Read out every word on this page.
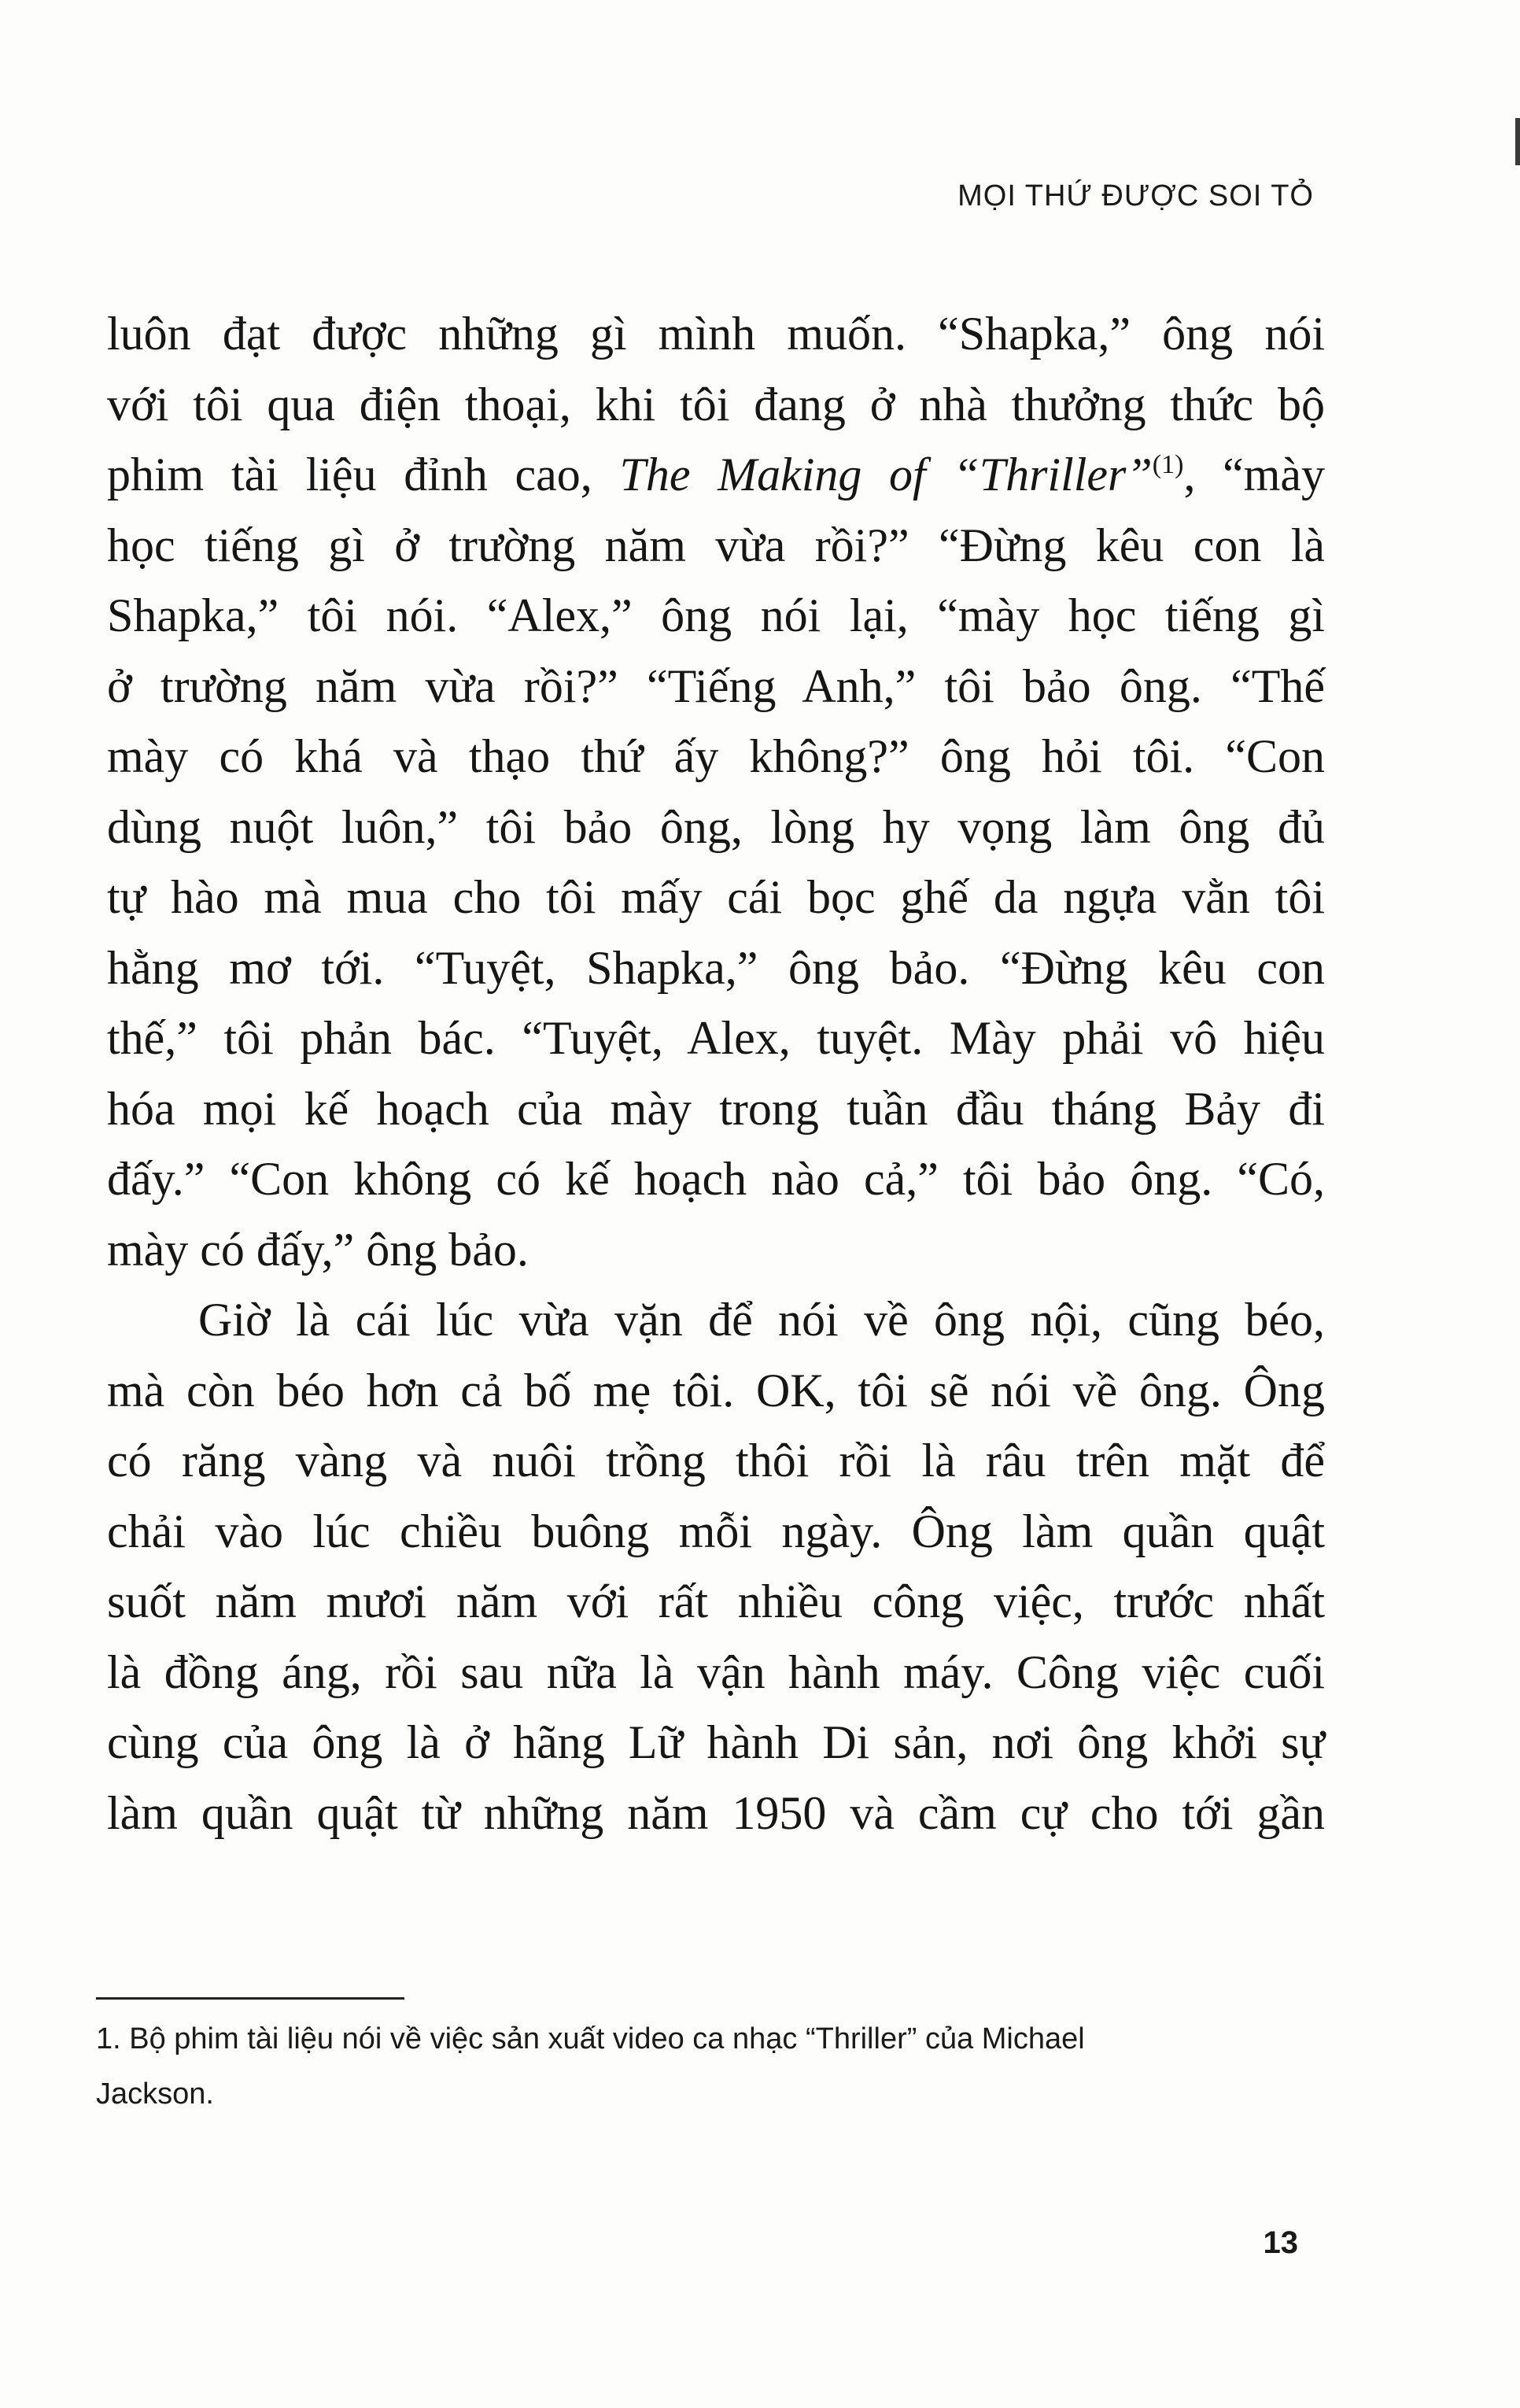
MỌI THỨ ĐƯỢC SOI TỎ
luôn đạt được những gì mình muốn. “Shapka,” ông nói
với tôi qua điện thoại, khi tôi đang ở nhà thưởng thức bộ
phim tài liệu đỉnh cao, The Making of “Thriller”$^{(1)}$, “mày
học tiếng gì ở trường năm vừa rồi?” “Đừng kêu con là
Shapka,” tôi nói. “Alex,” ông nói lại, “mày học tiếng gì
ở trường năm vừa rồi?” “Tiếng Anh,” tôi bảo ông. “Thế
mày có khá và thạo thứ ấy không?” ông hỏi tôi. “Con
dùng nuột luôn,” tôi bảo ông, lòng hy vọng làm ông đủ
tự hào mà mua cho tôi mấy cái bọc ghế da ngựa vằn tôi
hằng mơ tới. “Tuyệt, Shapka,” ông bảo. “Đừng kêu con
thế,” tôi phản bác. “Tuyệt, Alex, tuyệt. Mày phải vô hiệu
hóa mọi kế hoạch của mày trong tuần đầu tháng Bảy đi
đấy.” “Con không có kế hoạch nào cả,” tôi bảo ông. “Có,
mày có đấy,” ông bảo.
Giờ là cái lúc vừa vặn để nói về ông nội, cũng béo,
mà còn béo hơn cả bố mẹ tôi. OK, tôi sẽ nói về ông. Ông
có răng vàng và nuôi trồng thôi rồi là râu trên mặt để
chải vào lúc chiều buông mỗi ngày. Ông làm quần quật
suốt năm mươi năm với rất nhiều công việc, trước nhất
là đồng áng, rồi sau nữa là vận hành máy. Công việc cuối
cùng của ông là ở hãng Lữ hành Di sản, nơi ông khởi sự
làm quần quật từ những năm 1950 và cầm cự cho tới gần
1. Bộ phim tài liệu nói về việc sản xuất video ca nhạc “Thriller” của Michael
Jackson.
13
